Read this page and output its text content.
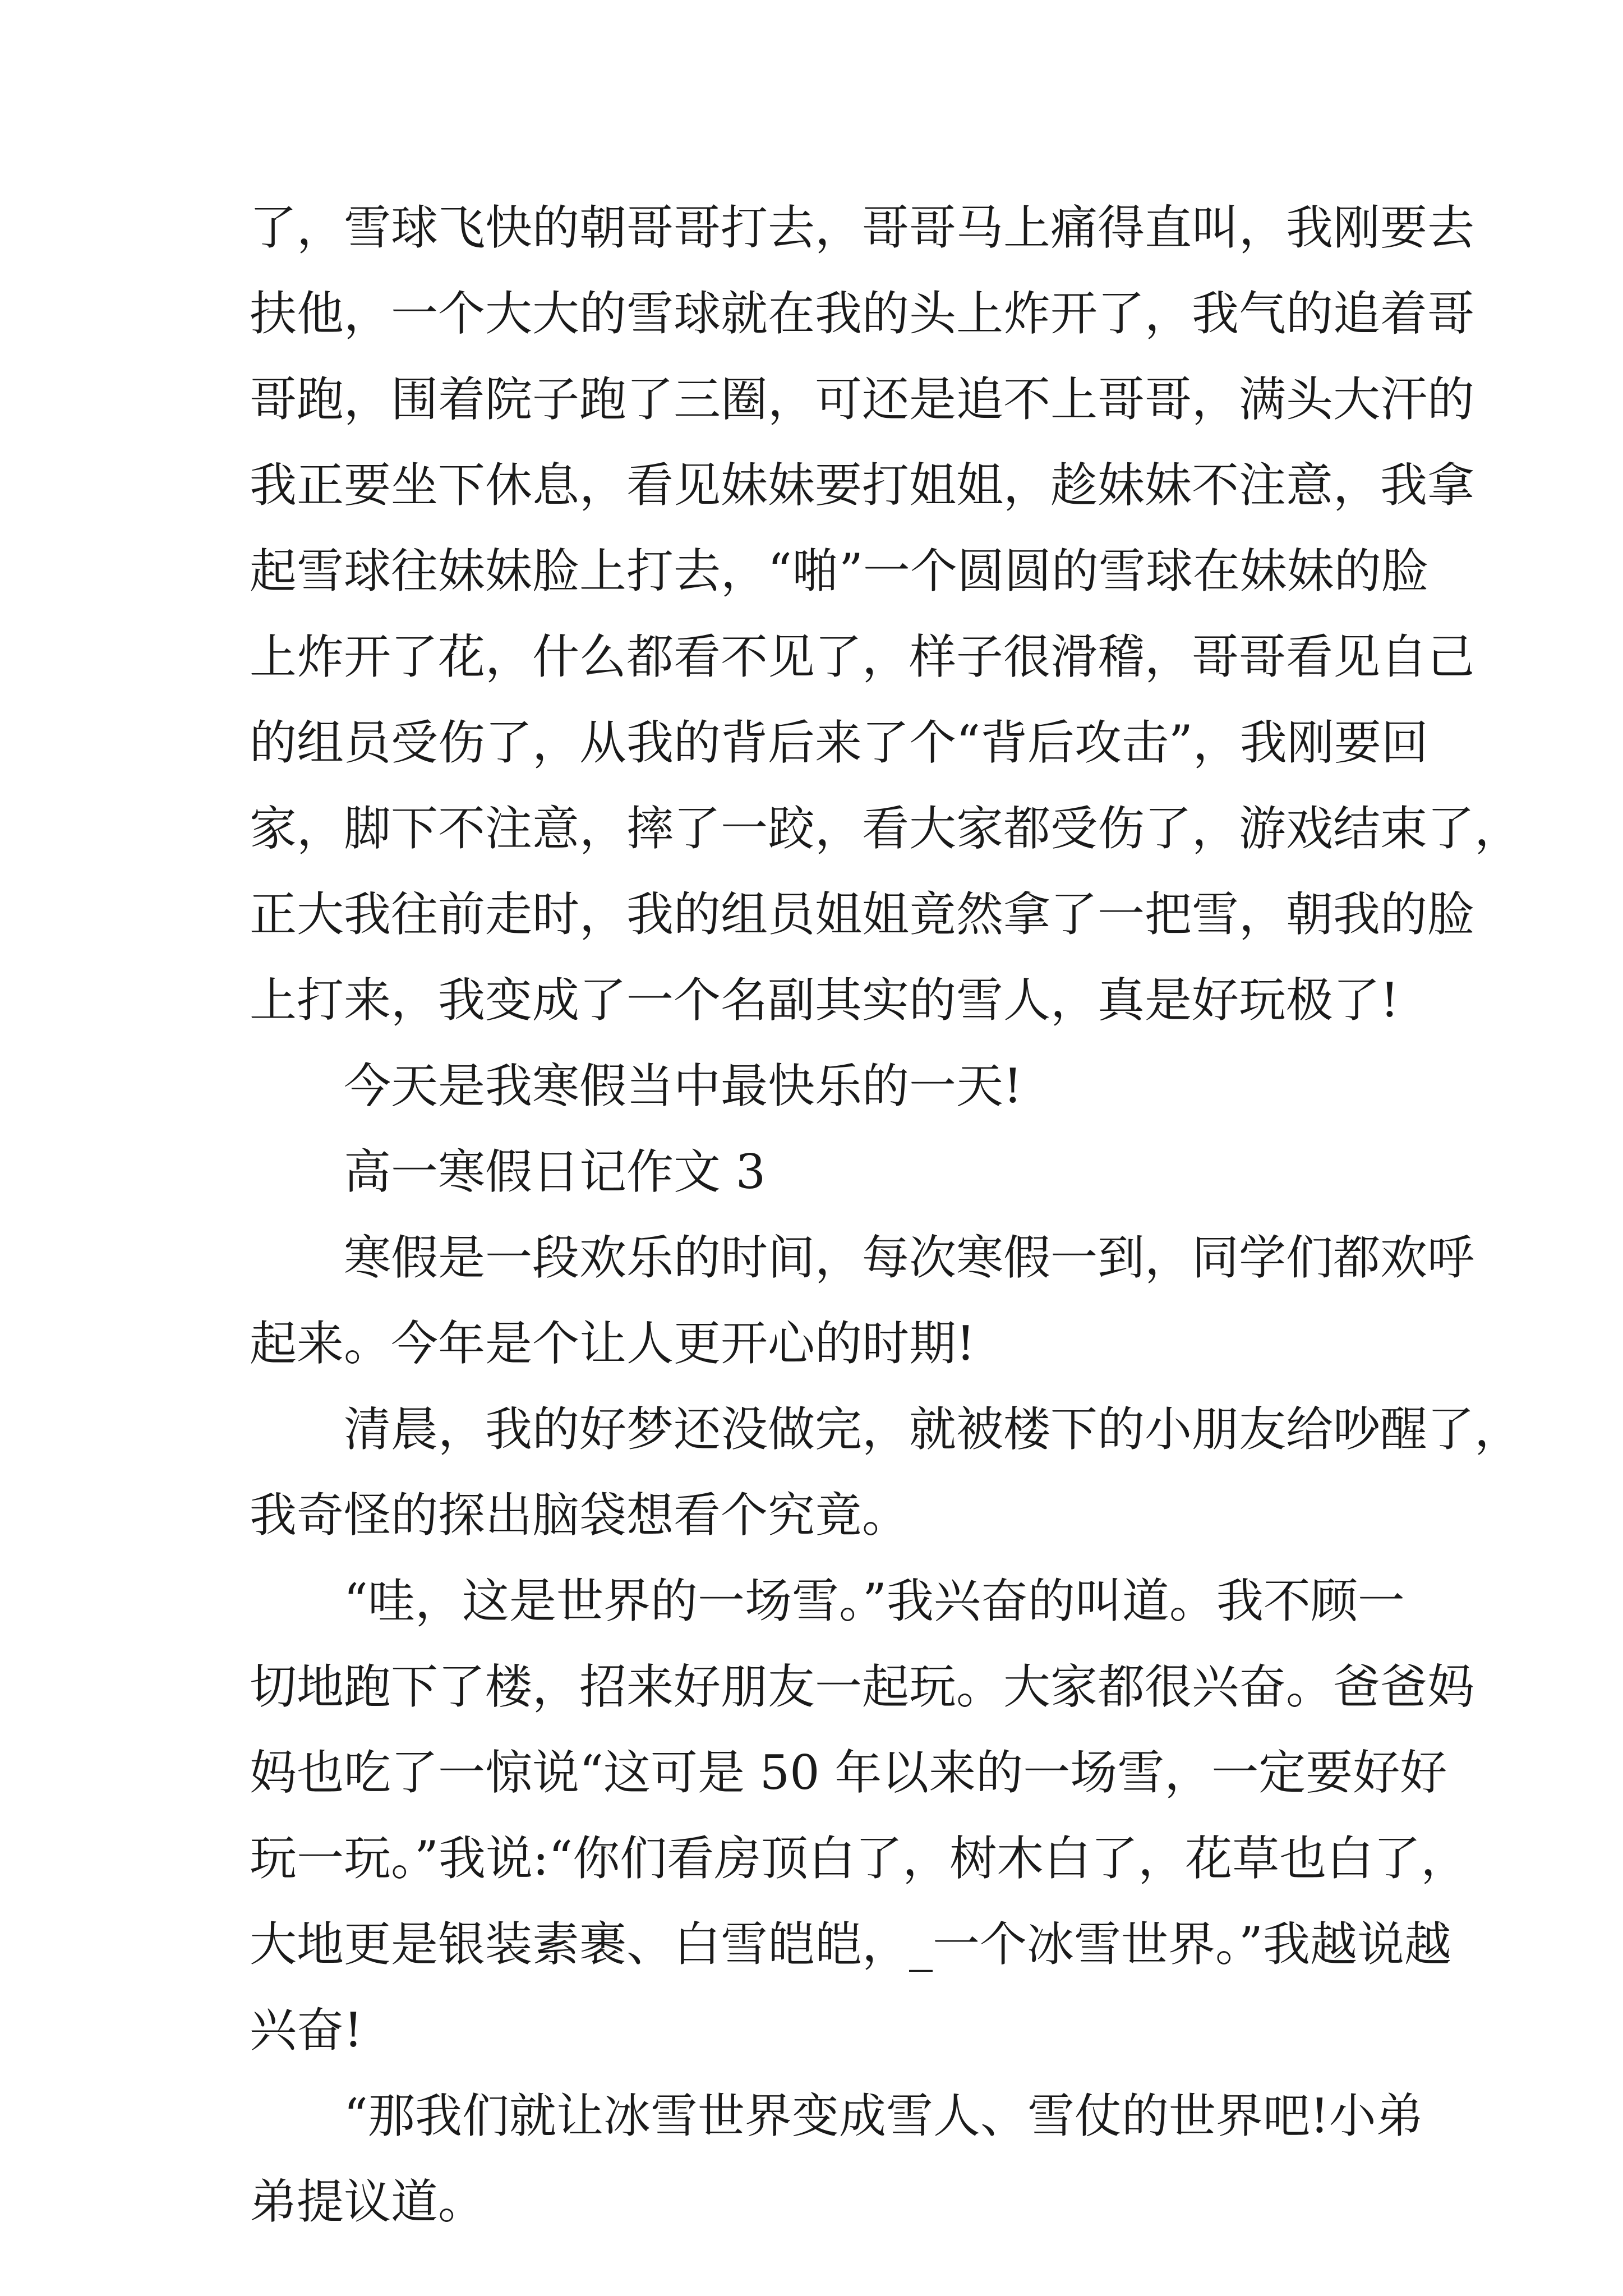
了，雪球飞快的朝哥哥打去，哥哥马上痛得直叫，我刚要去
扶他，一个大大的雪球就在我的头上炸开了，我气的追着哥
哥跑，围着院子跑了三圈，可还是追不上哥哥，满头大汗的
我正要坐下休息，看见妹妹要打姐姐，趁妹妹不注意，我拿
起雪球往妹妹脸上打去，“啪”一个圆圆的雪球在妹妹的脸
上炸开了花，什么都看不见了，样子很滑稽，哥哥看见自己
的组员受伤了，从我的背后来了个“背后攻击”，我刚要回
家，脚下不注意，摔了一跤，看大家都受伤了，游戏结束了，
正大我往前走时，我的组员姐姐竟然拿了一把雪，朝我的脸
上打来，我变成了一个名副其实的雪人，真是好玩极了!
今天是我寒假当中最快乐的一天!
高一寒假日记作文 3
寒假是一段欢乐的时间，每次寒假一到，同学们都欢呼
起来。今年是个让人更开心的时期!
清晨，我的好梦还没做完，就被楼下的小朋友给吵醒了，
我奇怪的探出脑袋想看个究竟。
“哇，这是世界的一场雪。”我兴奋的叫道。我不顾一
切地跑下了楼，招来好朋友一起玩。大家都很兴奋。爸爸妈
妈也吃了一惊说“这可是 50 年以来的一场雪，一定要好好
玩一玩。”我说:“你们看房顶白了，树木白了，花草也白了，
大地更是银装素裹、白雪皑皑，_一个冰雪世界。”我越说越
兴奋!
“那我们就让冰雪世界变成雪人、雪仗的世界吧!小弟
弟提议道。
